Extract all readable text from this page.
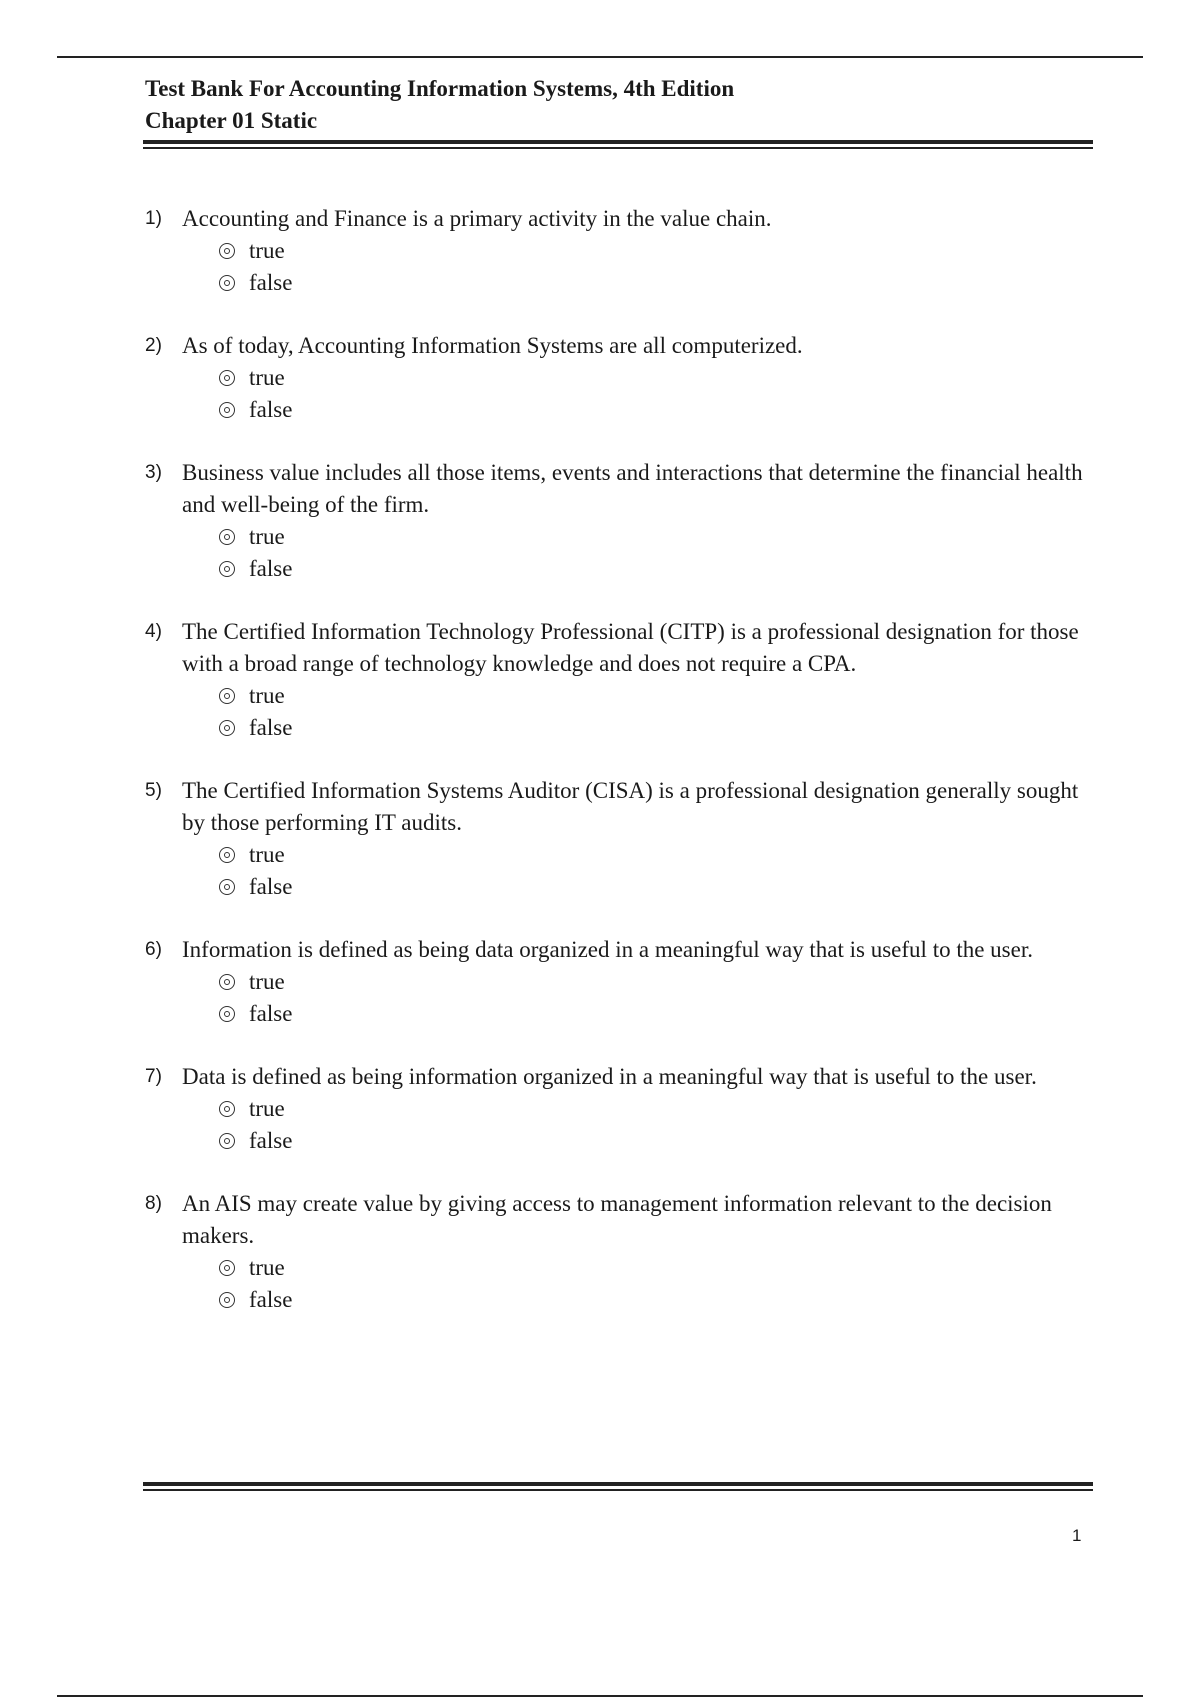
Test Bank For Accounting Information Systems, 4th Edition
Chapter 01 Static
1) Accounting and Finance is a primary activity in the value chain.
true
false
2) As of today, Accounting Information Systems are all computerized.
true
false
3) Business value includes all those items, events and interactions that determine the financial health and well-being of the firm.
true
false
4) The Certified Information Technology Professional (CITP) is a professional designation for those with a broad range of technology knowledge and does not require a CPA.
true
false
5) The Certified Information Systems Auditor (CISA) is a professional designation generally sought by those performing IT audits.
true
false
6) Information is defined as being data organized in a meaningful way that is useful to the user.
true
false
7) Data is defined as being information organized in a meaningful way that is useful to the user.
true
false
8) An AIS may create value by giving access to management information relevant to the decision makers.
true
false
1
